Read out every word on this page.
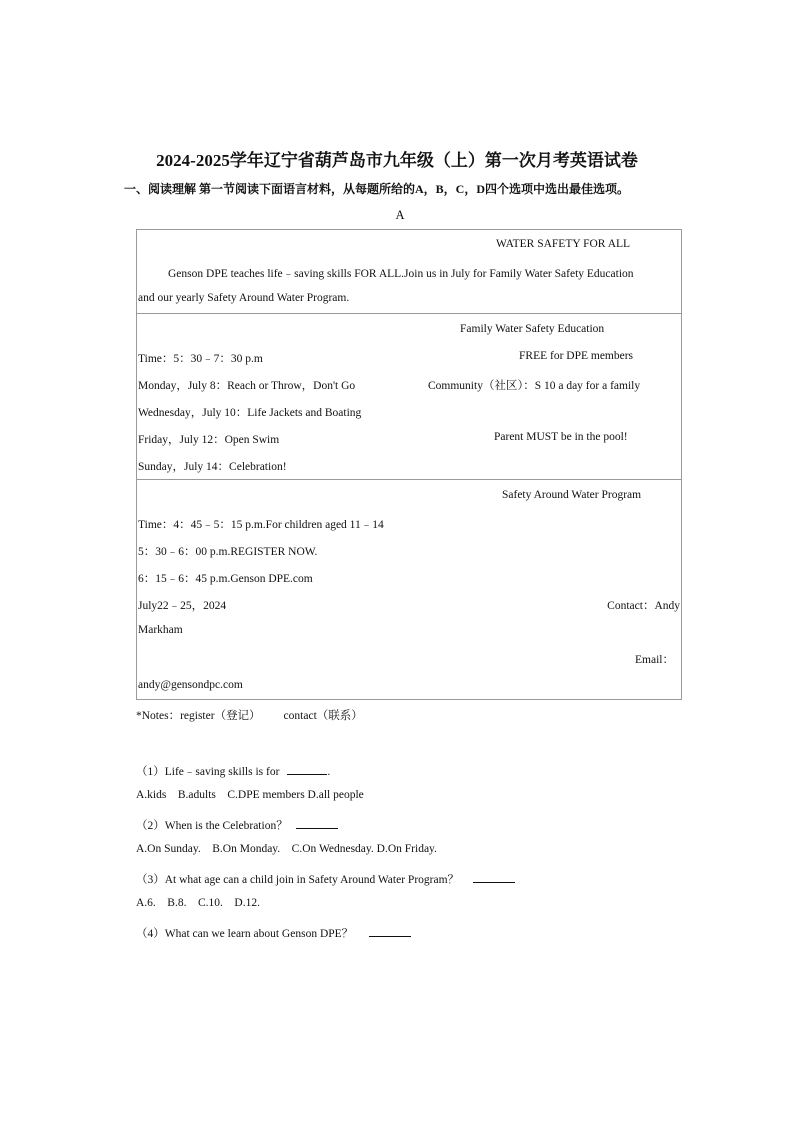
2024-2025学年辽宁省葫芦岛市九年级（上）第一次月考英语试卷
一、阅读理解 第一节阅读下面语言材料，从每题所给的A，B，C，D四个选项中选出最佳选项。
A
WATER SAFETY FOR ALL
Genson DPE teaches life﹣saving skills FOR ALL.Join us in July for Family Water Safety Education
and our yearly Safety Around Water Program.
Family Water Safety Education
Time：5：30﹣7：30 p.m	FREE for DPE members
Monday，July 8：Reach or Throw，Don't Go	Community（社区）：S 10 a day for a family
Wednesday，July 10：Life Jackets and Boating
Friday，July 12：Open Swim	Parent MUST be in the pool!
Sunday，July 14：Celebration!
Safety Around Water Program
Time：4：45﹣5：15 p.m.For children aged 11﹣14
5：30﹣6：00 p.m.REGISTER NOW.
6：15﹣6：45 p.m.Genson DPE.com
July22﹣25，2024	Contact：Andy
Markham
Email：
andy@gensondpc.com
*Notes：register（登记）        contact（联系）
（1）Life﹣saving skills is for	.
A.kids    B.adults    C.DPE members D.all people
（2）When is the Celebration？
A.On Sunday.    B.On Monday.    C.On Wednesday. D.On Friday.
（3）At what age can a child join in Safety Around Water Program？
A.6.    B.8.    C.10.    D.12.
（4）What can we learn about Genson DPE？
